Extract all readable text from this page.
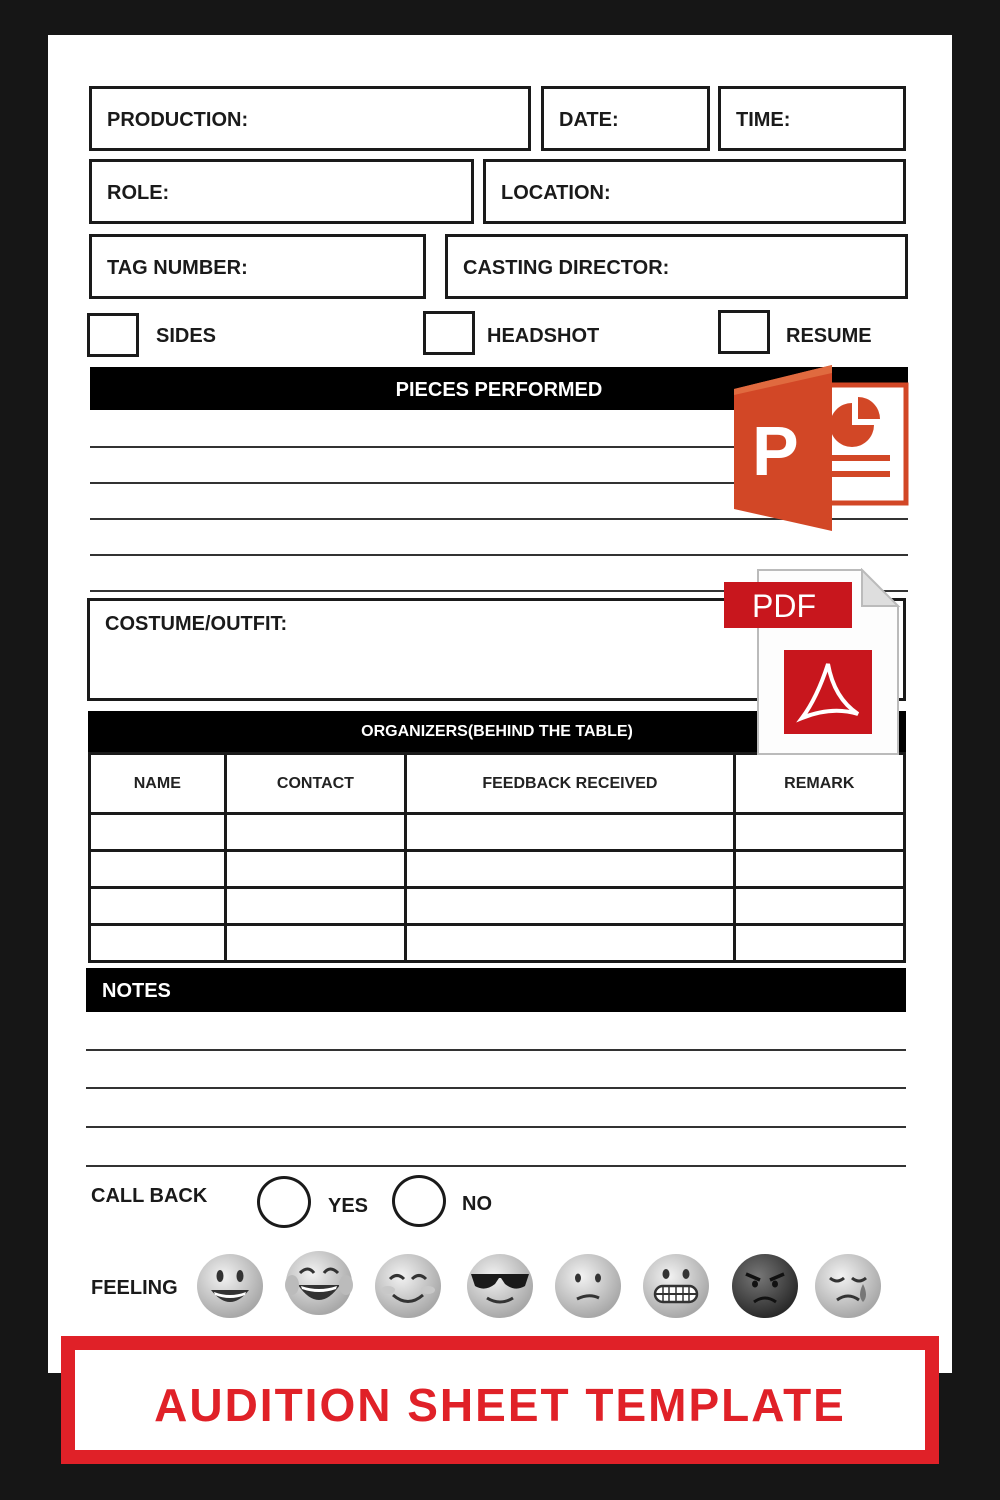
PRODUCTION:	DATE:	TIME:
ROLE:	LOCATION:
TAG NUMBER:	CASTING DIRECTOR:
SIDES	HEADSHOT	RESUME
PIECES PERFORMED
COSTUME/OUTFIT:
ORGANIZERS(BEHIND THE TABLE)
NAME	CONTACT	FEEDBACK RECEIVED	REMARK

NOTES
CALL BACK	YES	NO
FEELING
P
PDF
AUDITION SHEET TEMPLATE
